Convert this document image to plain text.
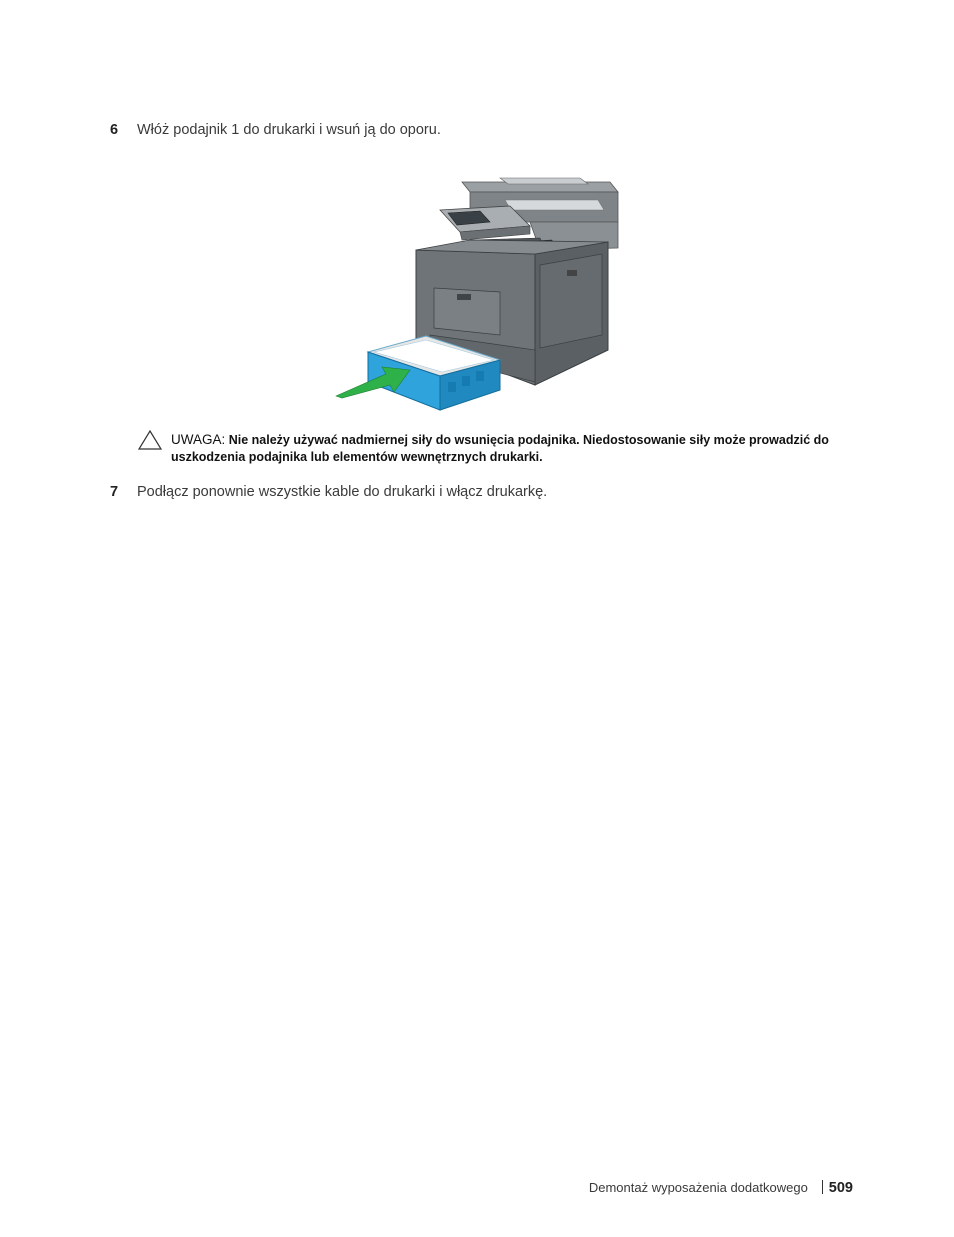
6 Włóż podajnik 1 do drukarki i wsuń ją do oporu.
UWAGA: Nie należy używać nadmiernej siły do wsunięcia podajnika. Niedostosowanie siły może prowadzić do uszkodzenia podajnika lub elementów wewnętrznych drukarki.
7 Podłącz ponownie wszystkie kable do drukarki i włącz drukarkę.
Demontaż wyposażenia dodatkowego 509
